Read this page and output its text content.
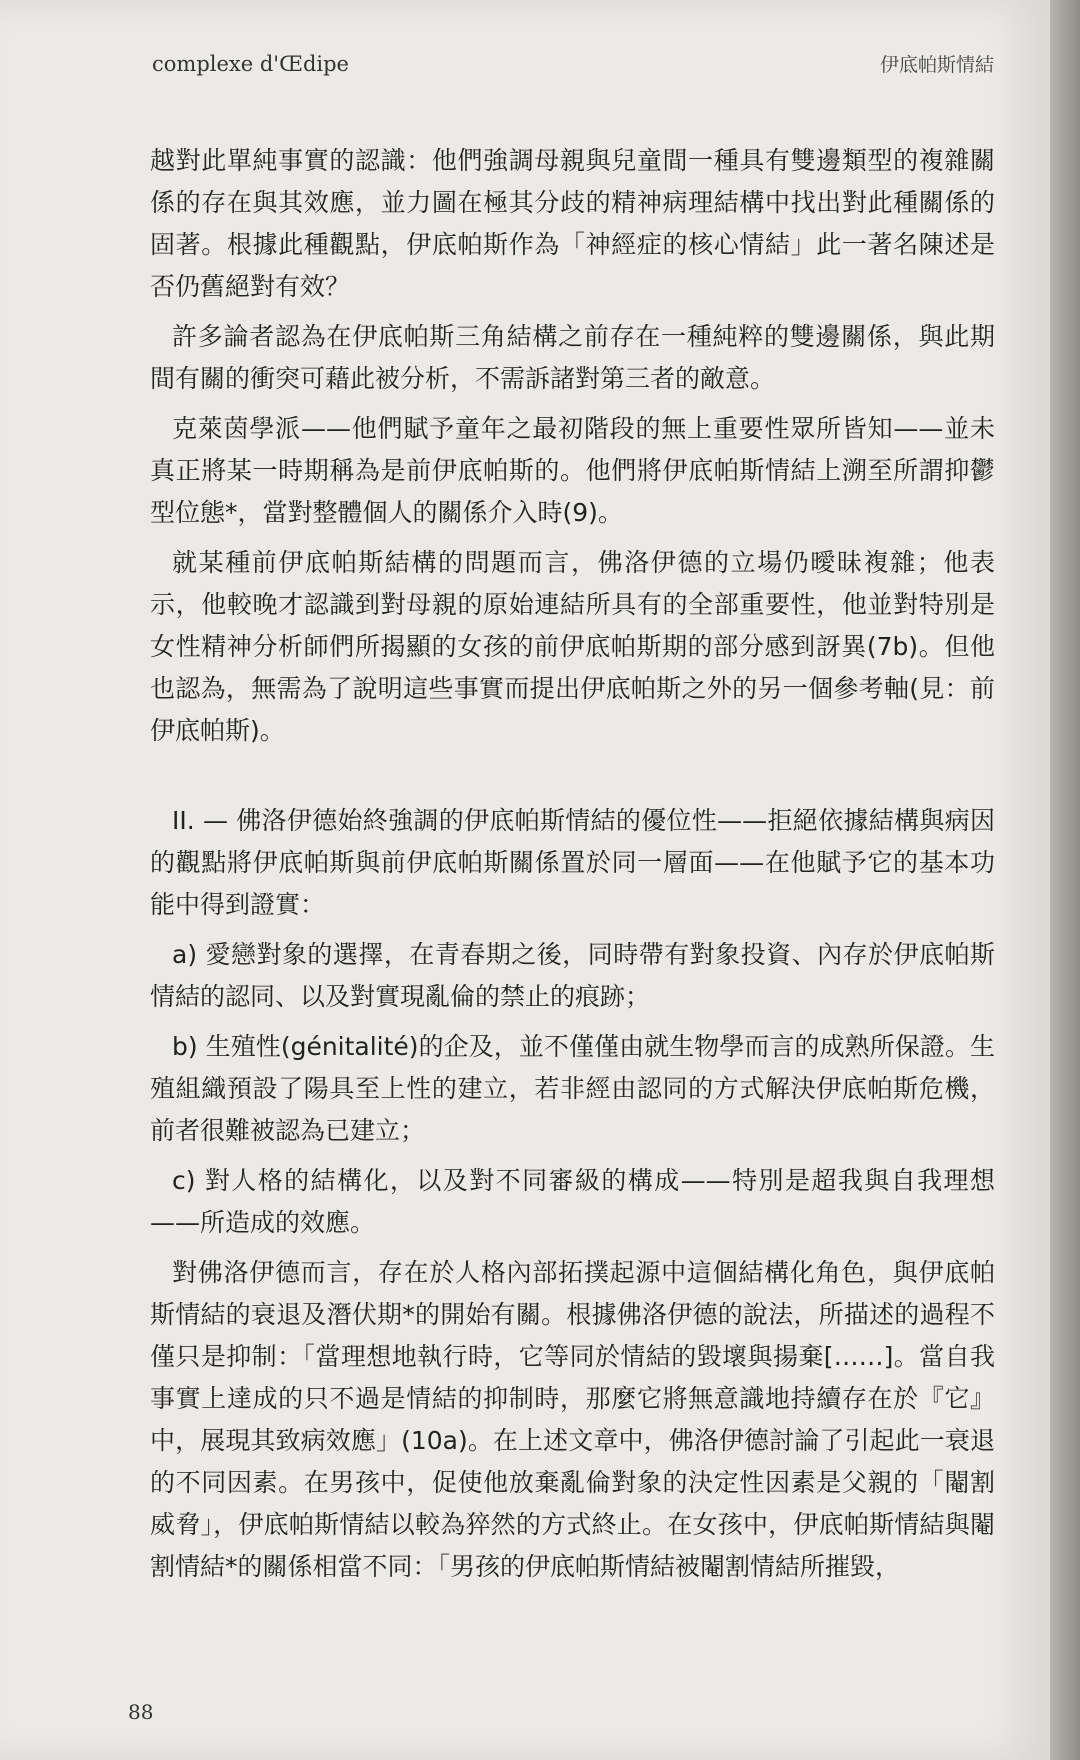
complexe d'Œdipe	伊底帕斯情結

越對此單純事實的認識：他們強調母親與兒童間一種具有雙邊類型的複雜關係的存在與其效應，並力圖在極其分歧的精神病理結構中找出對此種關係的固著。根據此種觀點，伊底帕斯作為「神經症的核心情結」此一著名陳述是否仍舊絕對有效？

許多論者認為在伊底帕斯三角結構之前存在一種純粹的雙邊關係，與此期間有關的衝突可藉此被分析，不需訴諸對第三者的敵意。

克萊茵學派——他們賦予童年之最初階段的無上重要性眾所皆知——並未真正將某一時期稱為是前伊底帕斯的。他們將伊底帕斯情結上溯至所謂抑鬱型位態*，當對整體個人的關係介入時(9)。

就某種前伊底帕斯結構的問題而言，佛洛伊德的立場仍曖昧複雜；他表示，他較晚才認識到對母親的原始連結所具有的全部重要性，他並對特別是女性精神分析師們所揭顯的女孩的前伊底帕斯期的部分感到訝異(7b)。但他也認為，無需為了說明這些事實而提出伊底帕斯之外的另一個參考軸(見：前伊底帕斯)。

II. — 佛洛伊德始終強調的伊底帕斯情結的優位性——拒絕依據結構與病因的觀點將伊底帕斯與前伊底帕斯關係置於同一層面——在他賦予它的基本功能中得到證實：

a) 愛戀對象的選擇，在青春期之後，同時帶有對象投資、內存於伊底帕斯情結的認同、以及對實現亂倫的禁止的痕跡；

b) 生殖性(génitalité)的企及，並不僅僅由就生物學而言的成熟所保證。生殖組織預設了陽具至上性的建立，若非經由認同的方式解決伊底帕斯危機，前者很難被認為已建立；

c) 對人格的結構化，以及對不同審級的構成——特別是超我與自我理想——所造成的效應。

對佛洛伊德而言，存在於人格內部拓撲起源中這個結構化角色，與伊底帕斯情結的衰退及潛伏期*的開始有關。根據佛洛伊德的說法，所描述的過程不僅只是抑制：「當理想地執行時，它等同於情結的毀壞與揚棄[……]。當自我事實上達成的只不過是情結的抑制時，那麼它將無意識地持續存在於『它』中，展現其致病效應」(10a)。在上述文章中，佛洛伊德討論了引起此一衰退的不同因素。在男孩中，促使他放棄亂倫對象的決定性因素是父親的「閹割威脅」，伊底帕斯情結以較為猝然的方式終止。在女孩中，伊底帕斯情結與閹割情結*的關係相當不同：「男孩的伊底帕斯情結被閹割情結所摧毀，

88
